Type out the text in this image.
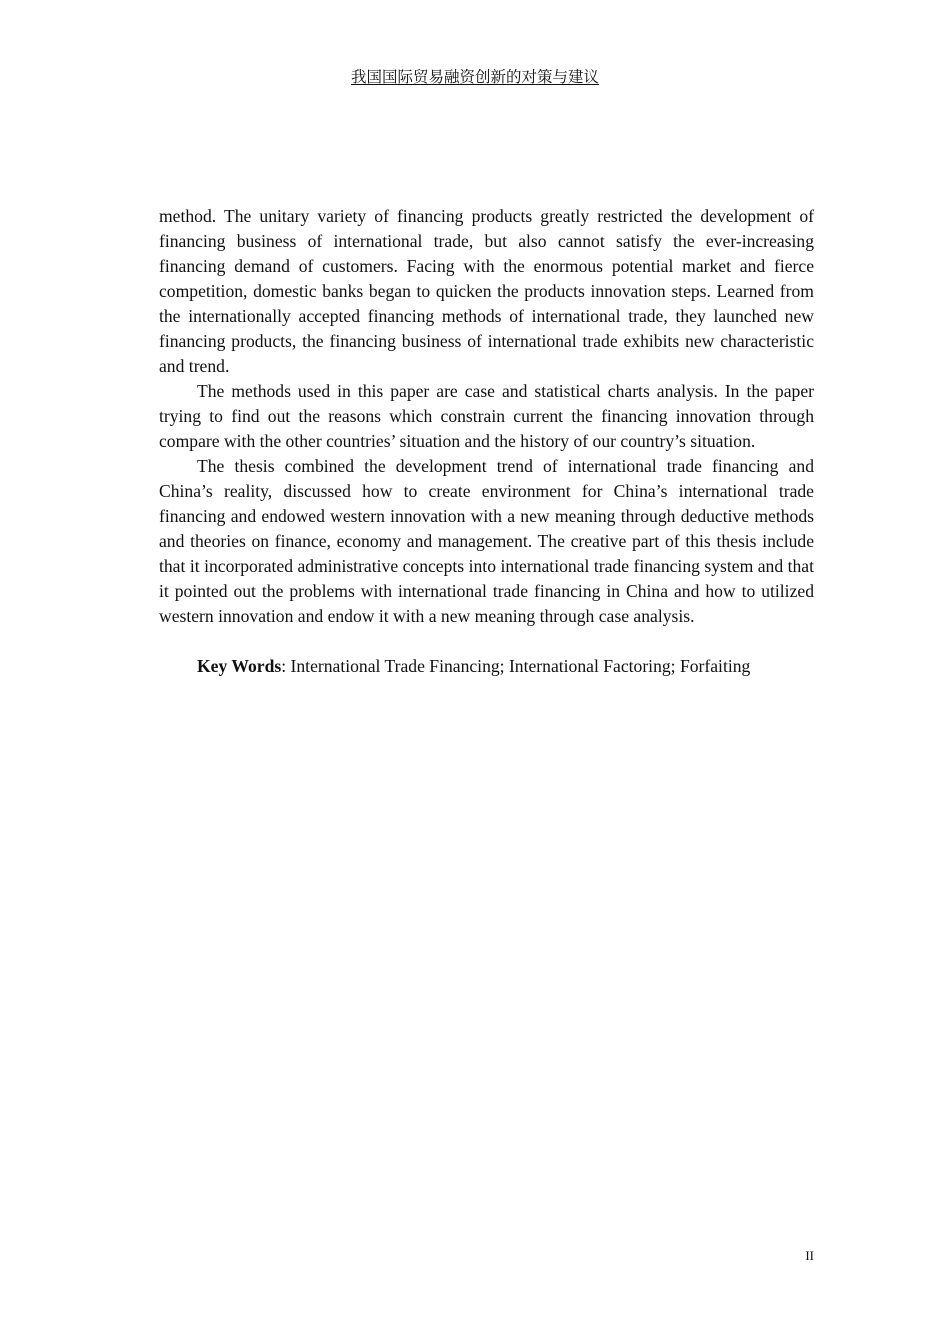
我国国际贸易融资创新的对策与建议

method. The unitary variety of financing products greatly restricted the development of financing business of international trade, but also cannot satisfy the ever-increasing financing demand of customers. Facing with the enormous potential market and fierce competition, domestic banks began to quicken the products innovation steps. Learned from the internationally accepted financing methods of international trade, they launched new financing products, the financing business of international trade exhibits new characteristic and trend.

The methods used in this paper are case and statistical charts analysis. In the paper trying to find out the reasons which constrain current the financing innovation through compare with the other countries’ situation and the history of our country’s situation.

The thesis combined the development trend of international trade financing and China’s reality, discussed how to create environment for China’s international trade financing and endowed western innovation with a new meaning through deductive methods and theories on finance, economy and management. The creative part of this thesis include that it incorporated administrative concepts into international trade financing system and that it pointed out the problems with international trade financing in China and how to utilized western innovation and endow it with a new meaning through case analysis.

Key Words: International Trade Financing; International Factoring; Forfaiting

II
